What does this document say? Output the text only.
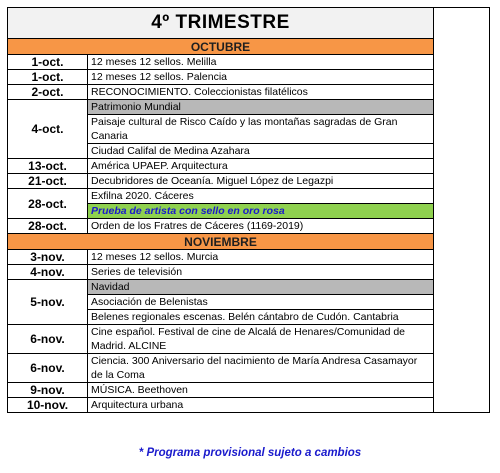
4º TRIMESTRE		
OCTUBRE		
1-oct.	12 meses 12 sellos. Melilla	
1-oct.	12 meses 12 sellos. Palencia	
2-oct.	RECONOCIMIENTO. Coleccionistas filatélicos	
4-oct.	Patrimonio Mundial	
	Paisaje cultural de Risco Caído y las montañas sagradas de Gran Canaria	
	Ciudad Califal de Medina Azahara	
13-oct.	América UPAEP. Arquitectura	
21-oct.	Decubridores de Oceanía. Miguel López de Legazpi	
28-oct.	Exfilna 2020. Cáceres	
	Prueba de artista con sello en oro rosa	
28-oct.	Orden de los Fratres de Cáceres (1169-2019)	
NOVIEMBRE		
3-nov.	12 meses 12 sellos. Murcia	
4-nov.	Series de televisión	
5-nov.	Navidad	
	Asociación de Belenistas	
	Belenes regionales escenas. Belén cántabro de Cudón. Cantabria	
6-nov.	Cine español. Festival de cine de Alcalá de Henares/Comunidad de Madrid. ALCINE	
6-nov.	Ciencia. 300 Aniversario del nacimiento de María Andresa Casamayor de la Coma	
9-nov.	MÚSICA. Beethoven	
10-nov.	Arquitectura urbana	
* Programa provisional sujeto a cambios
